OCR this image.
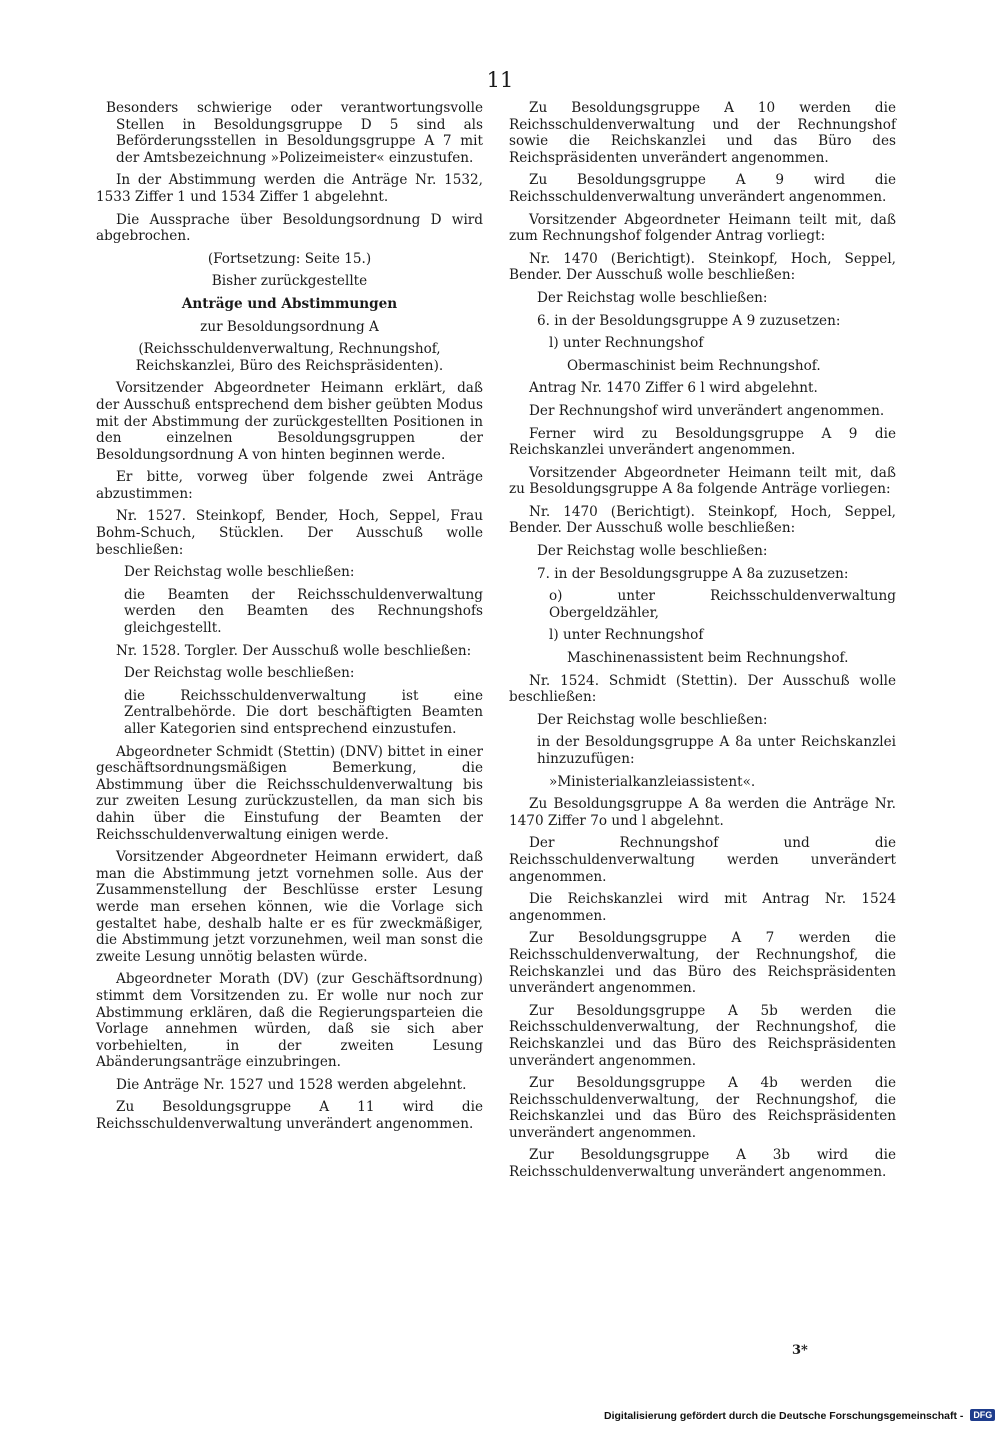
11

Besonders schwierige oder verantwortungsvolle Stellen in Besoldungsgruppe D 5 sind als Beförderungsstellen in Besoldungsgruppe A 7 mit der Amtsbezeichnung »Polizeimeister« einzustufen.

In der Abstimmung werden die Anträge Nr. 1532, 1533 Ziffer 1 und 1534 Ziffer 1 abgelehnt.

Die Aussprache über Besoldungsordnung D wird abgebrochen.

(Fortsetzung: Seite 15.)

Bisher zurückgestellte

Anträge und Abstimmungen

zur Besoldungsordnung A

(Reichsschuldenverwaltung, Rechnungshof, Reichskanzlei, Büro des Reichspräsidenten).

Vorsitzender Abgeordneter Heimann erklärt, daß der Ausschuß entsprechend dem bisher geübten Modus mit der Abstimmung der zurückgestellten Positionen in den einzelnen Besoldungsgruppen der Besoldungsordnung A von hinten beginnen werde.

Er bitte, vorweg über folgende zwei Anträge abzustimmen:

Nr. 1527. Steinkopf, Bender, Hoch, Seppel, Frau Bohm-Schuch, Stücklen. Der Ausschuß wolle beschließen:

Der Reichstag wolle beschließen:

die Beamten der Reichsschuldenverwaltung werden den Beamten des Rechnungshofs gleichgestellt.

Nr. 1528. Torgler. Der Ausschuß wolle beschließen:

Der Reichstag wolle beschließen:

die Reichsschuldenverwaltung ist eine Zentralbehörde. Die dort beschäftigten Beamten aller Kategorien sind entsprechend einzustufen.

Abgeordneter Schmidt (Stettin) (DNV) bittet in einer geschäftsordnungsmäßigen Bemerkung, die Abstimmung über die Reichsschuldenverwaltung bis zur zweiten Lesung zurückzustellen, da man sich bis dahin über die Einstufung der Beamten der Reichsschuldenverwaltung einigen werde.

Vorsitzender Abgeordneter Heimann erwidert, daß man die Abstimmung jetzt vornehmen solle. Aus der Zusammenstellung der Beschlüsse erster Lesung werde man ersehen können, wie die Vorlage sich gestaltet habe, deshalb halte er es für zweckmäßiger, die Abstimmung jetzt vorzunehmen, weil man sonst die zweite Lesung unnötig belasten würde.

Abgeordneter Morath (DV) (zur Geschäftsordnung) stimmt dem Vorsitzenden zu. Er wolle nur noch zur Abstimmung erklären, daß die Regierungsparteien die Vorlage annehmen würden, daß sie sich aber vorbehielten, in der zweiten Lesung Abänderungsanträge einzubringen.

Die Anträge Nr. 1527 und 1528 werden abgelehnt.

Zu Besoldungsgruppe A 11 wird die Reichsschuldenverwaltung unverändert angenommen.

Zu Besoldungsgruppe A 10 werden die Reichsschuldenverwaltung und der Rechnungshof sowie die Reichskanzlei und das Büro des Reichspräsidenten unverändert angenommen.

Zu Besoldungsgruppe A 9 wird die Reichsschuldenverwaltung unverändert angenommen.

Vorsitzender Abgeordneter Heimann teilt mit, daß zum Rechnungshof folgender Antrag vorliegt:

Nr. 1470 (Berichtigt). Steinkopf, Hoch, Seppel, Bender. Der Ausschuß wolle beschließen:

Der Reichstag wolle beschließen:

6. in der Besoldungsgruppe A 9 zuzusetzen:

l) unter Rechnungshof

Obermaschinist beim Rechnungshof.

Antrag Nr. 1470 Ziffer 6 l wird abgelehnt.

Der Rechnungshof wird unverändert angenommen.

Ferner wird zu Besoldungsgruppe A 9 die Reichskanzlei unverändert angenommen.

Vorsitzender Abgeordneter Heimann teilt mit, daß zu Besoldungsgruppe A 8a folgende Anträge vorliegen:

Nr. 1470 (Berichtigt). Steinkopf, Hoch, Seppel, Bender. Der Ausschuß wolle beschließen:

Der Reichstag wolle beschließen:

7. in der Besoldungsgruppe A 8a zuzusetzen:

o) unter Reichsschuldenverwaltung Obergeldzähler,

l) unter Rechnungshof

Maschinenassistent beim Rechnungshof.

Nr. 1524. Schmidt (Stettin). Der Ausschuß wolle beschließen:

Der Reichstag wolle beschließen:

in der Besoldungsgruppe A 8a unter Reichskanzlei hinzuzufügen:

»Ministerialkanzleiassistent«.

Zu Besoldungsgruppe A 8a werden die Anträge Nr. 1470 Ziffer 7o und l abgelehnt.

Der Rechnungshof und die Reichsschuldenverwaltung werden unverändert angenommen.

Die Reichskanzlei wird mit Antrag Nr. 1524 angenommen.

Zur Besoldungsgruppe A 7 werden die Reichsschuldenverwaltung, der Rechnungshof, die Reichskanzlei und das Büro des Reichspräsidenten unverändert angenommen.

Zur Besoldungsgruppe A 5b werden die Reichsschuldenverwaltung, der Rechnungshof, die Reichskanzlei und das Büro des Reichspräsidenten unverändert angenommen.

Zur Besoldungsgruppe A 4b werden die Reichsschuldenverwaltung, der Rechnungshof, die Reichskanzlei und das Büro des Reichspräsidenten unverändert angenommen.

Zur Besoldungsgruppe A 3b wird die Reichsschuldenverwaltung unverändert angenommen.

3*
Digitalisierung gefördert durch die Deutsche Forschungsgemeinschaft - DFG
